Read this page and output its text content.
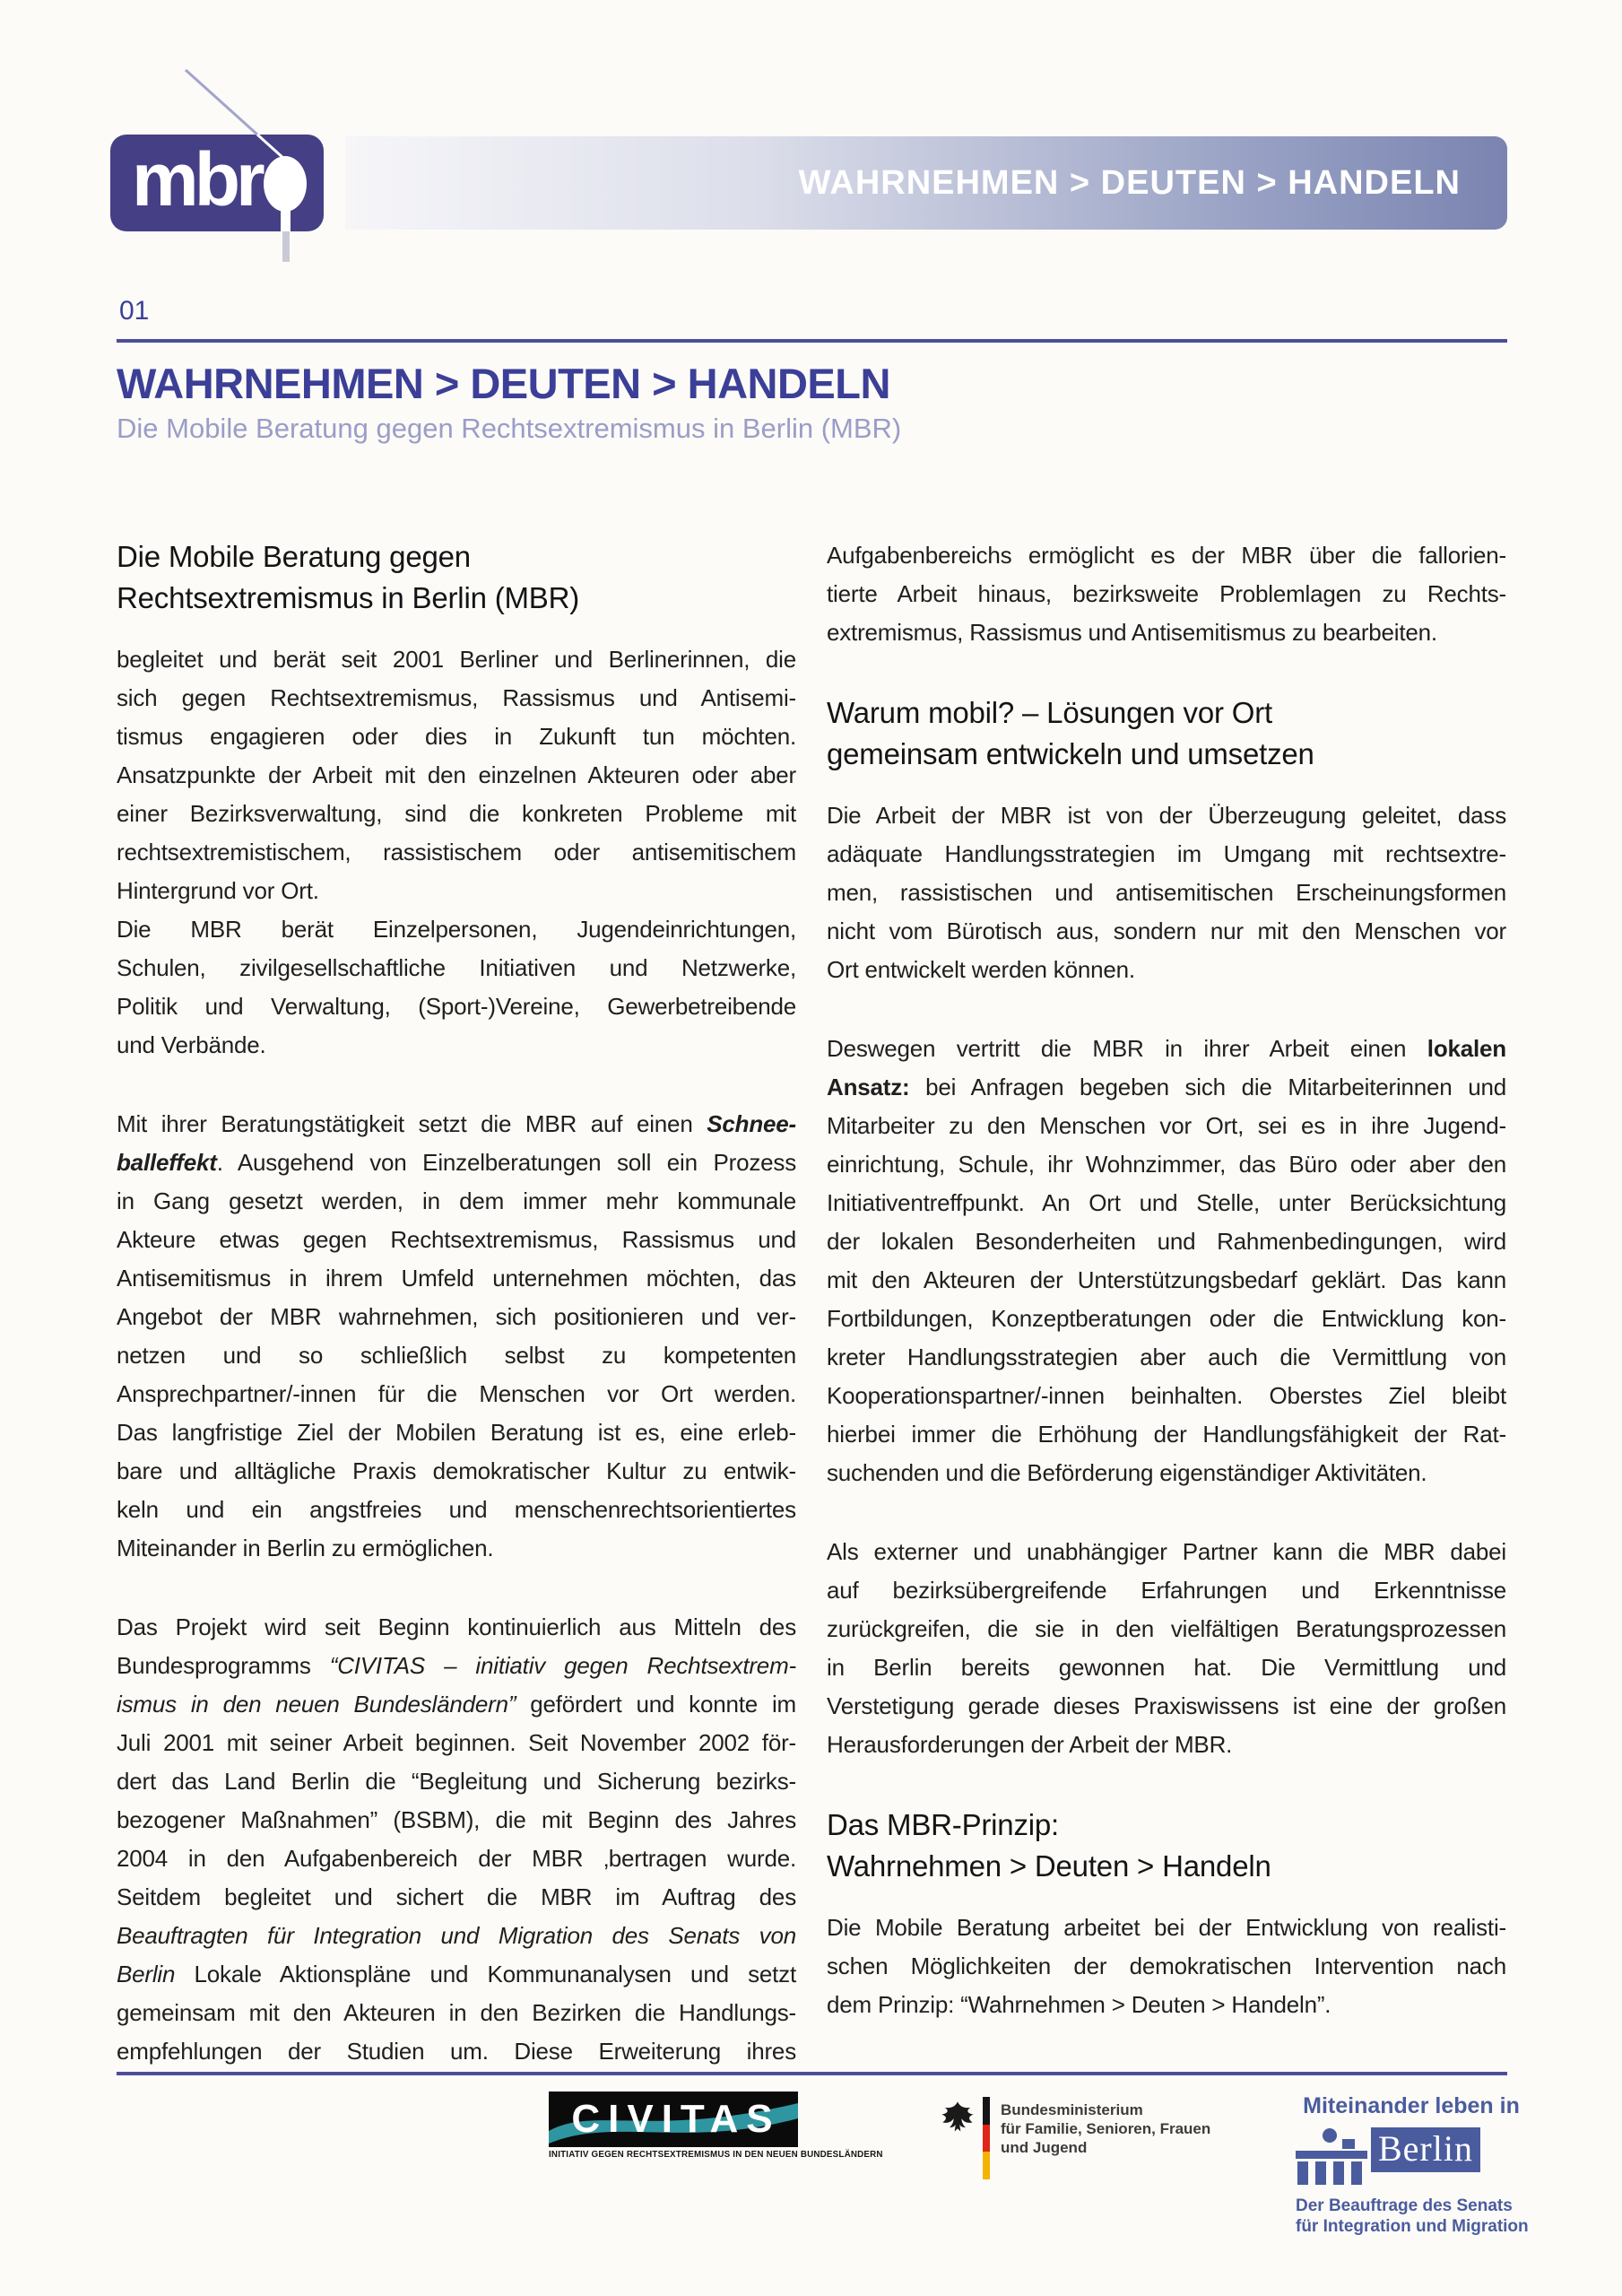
WAHRNEHMEN > DEUTEN > HANDELN
mbr
01
WAHRNEHMEN > DEUTEN > HANDELN
Die Mobile Beratung gegen Rechtsextremismus in Berlin (MBR)
Die Mobile Beratung gegen
Rechtsextremismus in Berlin (MBR)
begleitet und berät seit 2001 Berliner und Berlinerinnen, die
sich gegen Rechtsextremismus, Rassismus und Antisemi-
tismus engagieren oder dies in Zukunft tun möchten.
Ansatzpunkte der Arbeit mit den einzelnen Akteuren oder aber
einer Bezirksverwaltung, sind die konkreten Probleme mit
rechtsextremistischem, rassistischem oder antisemitischem
Hintergrund vor Ort.
Die MBR berät Einzelpersonen, Jugendeinrichtungen,
Schulen, zivilgesellschaftliche Initiativen und Netzwerke,
Politik und Verwaltung, (Sport-)Vereine, Gewerbetreibende
und Verbände.
Mit ihrer Beratungstätigkeit setzt die MBR auf einen Schnee-
balleffekt. Ausgehend von Einzelberatungen soll ein Prozess
in Gang gesetzt werden, in dem immer mehr kommunale
Akteure etwas gegen Rechtsextremismus, Rassismus und
Antisemitismus in ihrem Umfeld unternehmen möchten, das
Angebot der MBR wahrnehmen, sich positionieren und ver-
netzen und so schließlich selbst zu kompetenten
Ansprechpartner/-innen für die Menschen vor Ort werden.
Das langfristige Ziel der Mobilen Beratung ist es, eine erleb-
bare und alltägliche Praxis demokratischer Kultur zu entwik-
keln und ein angstfreies und menschenrechtsorientiertes
Miteinander in Berlin zu ermöglichen.
Das Projekt wird seit Beginn kontinuierlich aus Mitteln des
Bundesprogramms “CIVITAS – initiativ gegen Rechtsextrem-
ismus in den neuen Bundesländern” gefördert und konnte im
Juli 2001 mit seiner Arbeit beginnen. Seit November 2002 för-
dert das Land Berlin die “Begleitung und Sicherung bezirks-
bezogener Maßnahmen” (BSBM), die mit Beginn des Jahres
2004 in den Aufgabenbereich der MBR ‚bertragen wurde.
Seitdem begleitet und sichert die MBR im Auftrag des
Beauftragten für Integration und Migration des Senats von
Berlin Lokale Aktionspläne und Kommunanalysen und setzt
gemeinsam mit den Akteuren in den Bezirken die Handlungs-
empfehlungen der Studien um. Diese Erweiterung ihres
Aufgabenbereichs ermöglicht es der MBR über die fallorien-
tierte Arbeit hinaus, bezirksweite Problemlagen zu Rechts-
extremismus, Rassismus und Antisemitismus zu bearbeiten.
Warum mobil? – Lösungen vor Ort
gemeinsam entwickeln und umsetzen
Die Arbeit der MBR ist von der Überzeugung geleitet, dass
adäquate Handlungsstrategien im Umgang mit rechtsextre-
men, rassistischen und antisemitischen Erscheinungsformen
nicht vom Bürotisch aus, sondern nur mit den Menschen vor
Ort entwickelt werden können.
Deswegen vertritt die MBR in ihrer Arbeit einen lokalen
Ansatz: bei Anfragen begeben sich die Mitarbeiterinnen und
Mitarbeiter zu den Menschen vor Ort, sei es in ihre Jugend-
einrichtung, Schule, ihr Wohnzimmer, das Büro oder aber den
Initiativentreffpunkt. An Ort und Stelle, unter Berücksichtung
der lokalen Besonderheiten und Rahmenbedingungen, wird
mit den Akteuren der Unterstützungsbedarf geklärt. Das kann
Fortbildungen, Konzeptberatungen oder die Entwicklung kon-
kreter Handlungsstrategien aber auch die Vermittlung von
Kooperationspartner/-innen beinhalten. Oberstes Ziel bleibt
hierbei immer die Erhöhung der Handlungsfähigkeit der Rat-
suchenden und die Beförderung eigenständiger Aktivitäten.
Als externer und unabhängiger Partner kann die MBR dabei
auf bezirksübergreifende Erfahrungen und Erkenntnisse
zurückgreifen, die sie in den vielfältigen Beratungsprozessen
in Berlin bereits gewonnen hat. Die Vermittlung und
Verstetigung gerade dieses Praxiswissens ist eine der großen
Herausforderungen der Arbeit der MBR.
Das MBR-Prinzip:
Wahrnehmen > Deuten > Handeln
Die Mobile Beratung arbeitet bei der Entwicklung von realisti-
schen Möglichkeiten der demokratischen Intervention nach
dem Prinzip: “Wahrnehmen > Deuten > Handeln”.
CIVITAS
INITIATIV GEGEN RECHTSEXTREMISMUS IN DEN NEUEN BUNDESLÄNDERN
Bundesministerium
für Familie, Senioren, Frauen
und Jugend
Miteinander leben in
Berlin
Der Beauftrage des Senats
für Integration und Migration
